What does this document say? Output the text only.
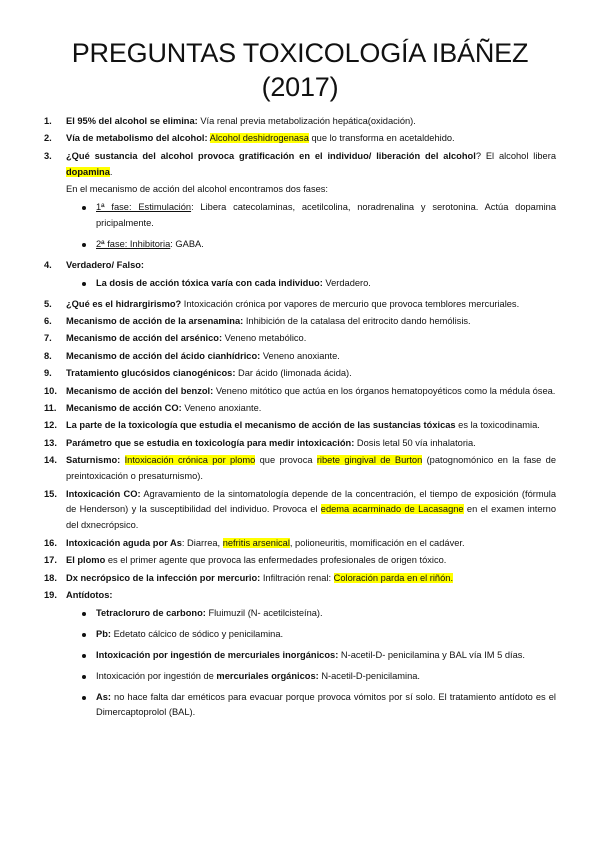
PREGUNTAS TOXICOLOGÍA IBÁÑEZ (2017)
1. El 95% del alcohol se elimina: Vía renal previa metabolización hepática(oxidación).
2. Vía de metabolismo del alcohol: Alcohol deshidrogenasa que lo transforma en acetaldehido.
3. ¿Qué sustancia del alcohol provoca gratificación en el individuo/ liberación del alcohol? El alcohol libera dopamina.
En el mecanismo de acción del alcohol encontramos dos fases:
1ª fase: Estimulación: Libera catecolaminas, acetilcolina, noradrenalina y serotonina. Actúa dopamina pricipalmente.
2ª fase: Inhibitoria: GABA.
4. Verdadero/ Falso:
La dosis de acción tóxica varía con cada individuo: Verdadero.
5. ¿Qué es el hidrargirismo? Intoxicación crónica por vapores de mercurio que provoca temblores mercuriales.
6. Mecanismo de acción de la arsenamina: Inhibición de la catalasa del eritrocito dando hemólisis.
7. Mecanismo de acción del arsénico: Veneno metabólico.
8. Mecanismo de acción del ácido cianhídrico: Veneno anoxiante.
9. Tratamiento glucósidos cianogénicos: Dar ácido (limonada ácida).
10. Mecanismo de acción del benzol: Veneno mitótico que actúa en los órganos hematopoyéticos como la médula ósea.
11. Mecanismo de acción CO: Veneno anoxiante.
12. La parte de la toxicología que estudia el mecanismo de acción de las sustancias tóxicas es la toxicodinamia.
13. Parámetro que se estudia en toxicología para medir intoxicación: Dosis letal 50 vía inhalatoria.
14. Saturnismo: Intoxicación crónica por plomo que provoca ribete gingival de Burton (patognomónico en la fase de preintoxicación o presaturnismo).
15. Intoxicación CO: Agravamiento de la sintomatología depende de la concentración, el tiempo de exposición (fórmula de Henderson) y la susceptibilidad del individuo. Provoca el edema acarminado de Lacasagne en el examen interno del dxnecrópsico.
16. Intoxicación aguda por As: Diarrea, nefritis arsenical, polioneuritis, momificación en el cadáver.
17. El plomo es el primer agente que provoca las enfermedades profesionales de origen tóxico.
18. Dx necrópsico de la infección por mercurio: Infiltración renal: Coloración parda en el riñón.
19. Antídotos:
Tetracloruro de carbono: Fluimuzil (N- acetilcisteína).
Pb: Edetato cálcico de sódico y penicilamina.
Intoxicación por ingestión de mercuriales inorgánicos: N-acetil-D- penicilamina y BAL vía IM 5 días.
Intoxicación por ingestión de mercuriales orgánicos: N-acetil-D-penicilamina.
As: no hace falta dar eméticos para evacuar porque provoca vómitos por sí solo. El tratamiento antídoto es el Dimercaptoprolol (BAL).
